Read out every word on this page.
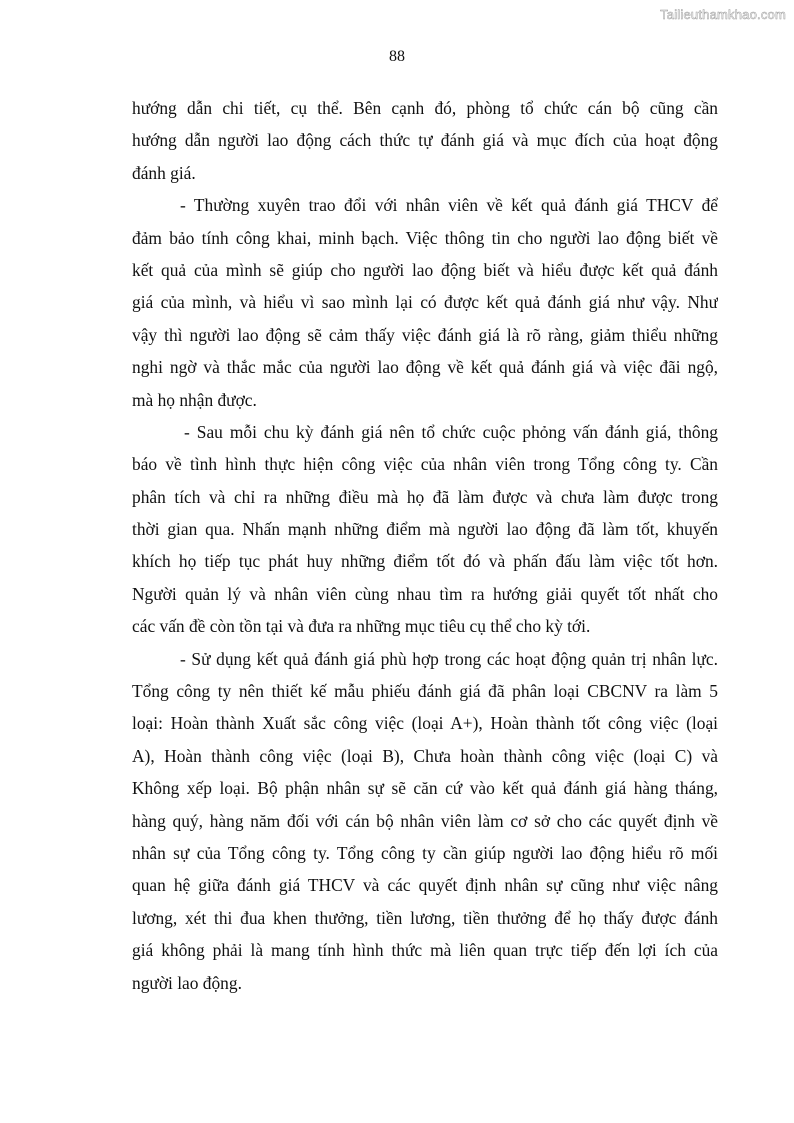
Tailieuthamkhao.com
88
hướng dẫn chi tiết, cụ thể. Bên cạnh đó, phòng tổ chức cán bộ cũng cần
hướng dẫn người lao động cách thức tự đánh giá và mục đích của hoạt động
đánh giá.
- Thường xuyên trao đổi với nhân viên về kết quả đánh giá THCV để
đảm bảo tính công khai, minh bạch. Việc thông tin cho người lao động biết về
kết quả của mình sẽ giúp cho người lao động biết và hiểu được kết quả đánh
giá của mình, và hiểu vì sao mình lại có được kết quả đánh giá như vậy. Như
vậy thì người lao động sẽ cảm thấy việc đánh giá là rõ ràng, giảm thiểu những
nghi ngờ và thắc mắc của người lao động về kết quả đánh giá và việc đãi ngộ,
mà họ nhận được.
- Sau mỗi chu kỳ đánh giá nên tổ chức cuộc phỏng vấn đánh giá, thông
báo về tình hình thực hiện công việc của nhân viên trong Tổng công ty. Cần
phân tích và chỉ ra những điều mà họ đã làm được và chưa làm được trong
thời gian qua. Nhấn mạnh những điểm mà người lao động đã làm tốt, khuyến
khích họ tiếp tục phát huy những điểm tốt đó và phấn đấu làm việc tốt hơn.
Người quản lý và nhân viên cùng nhau tìm ra hướng giải quyết tốt nhất cho
các vấn đề còn tồn tại và đưa ra những mục tiêu cụ thể cho kỳ tới.
- Sử dụng kết quả đánh giá phù hợp trong các hoạt động quản trị nhân lực.
Tổng công ty nên thiết kế mẫu phiếu đánh giá đã phân loại CBCNV ra làm 5
loại: Hoàn thành Xuất sắc công việc (loại A+), Hoàn thành tốt công việc (loại
A), Hoàn thành công việc (loại B), Chưa hoàn thành công việc (loại C) và
Không xếp loại. Bộ phận nhân sự sẽ căn cứ vào kết quả đánh giá hàng tháng,
hàng quý, hàng năm đối với cán bộ nhân viên làm cơ sở cho các quyết định về
nhân sự của Tổng công ty. Tổng công ty cần giúp người lao động hiểu rõ mối
quan hệ giữa đánh giá THCV và các quyết định nhân sự cũng như việc nâng
lương, xét thi đua khen thưởng, tiền lương, tiền thưởng để họ thấy được đánh
giá không phải là mang tính hình thức mà liên quan trực tiếp đến lợi ích của
người lao động.
